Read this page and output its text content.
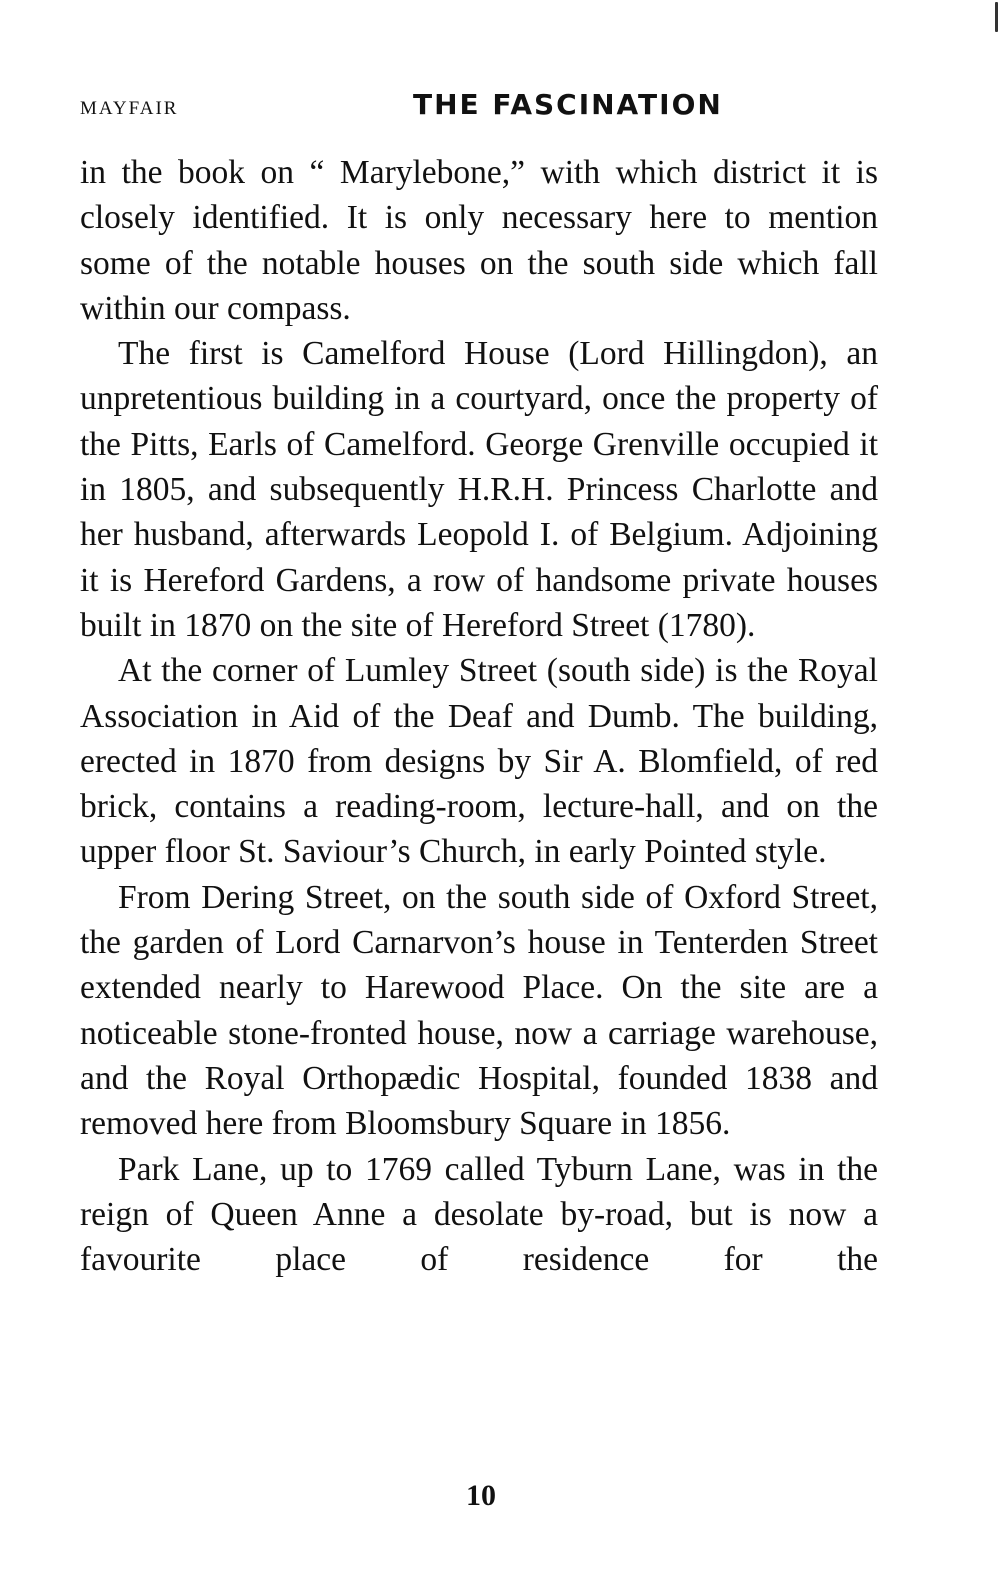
MAYFAIR	THE FASCINATION

in the book on “ Marylebone,” with which district it is closely identified. It is only necessary here to mention some of the notable houses on the south side which fall within our compass.

The first is Camelford House (Lord Hillingdon), an unpretentious building in a courtyard, once the property of the Pitts, Earls of Camelford. George Grenville occupied it in 1805, and subsequently H.R.H. Princess Charlotte and her husband, afterwards Leopold I. of Belgium. Adjoining it is Hereford Gardens, a row of handsome private houses built in 1870 on the site of Hereford Street (1780).

At the corner of Lumley Street (south side) is the Royal Association in Aid of the Deaf and Dumb. The building, erected in 1870 from designs by Sir A. Blomfield, of red brick, contains a reading-room, lecture-hall, and on the upper floor St. Saviour’s Church, in early Pointed style.

From Dering Street, on the south side of Oxford Street, the garden of Lord Carnarvon’s house in Tenterden Street extended nearly to Harewood Place. On the site are a noticeable stone-fronted house, now a carriage warehouse, and the Royal Orthopædic Hospital, founded 1838 and removed here from Bloomsbury Square in 1856.

Park Lane, up to 1769 called Tyburn Lane, was in the reign of Queen Anne a desolate by-road, but is now a favourite place of residence for the

10
